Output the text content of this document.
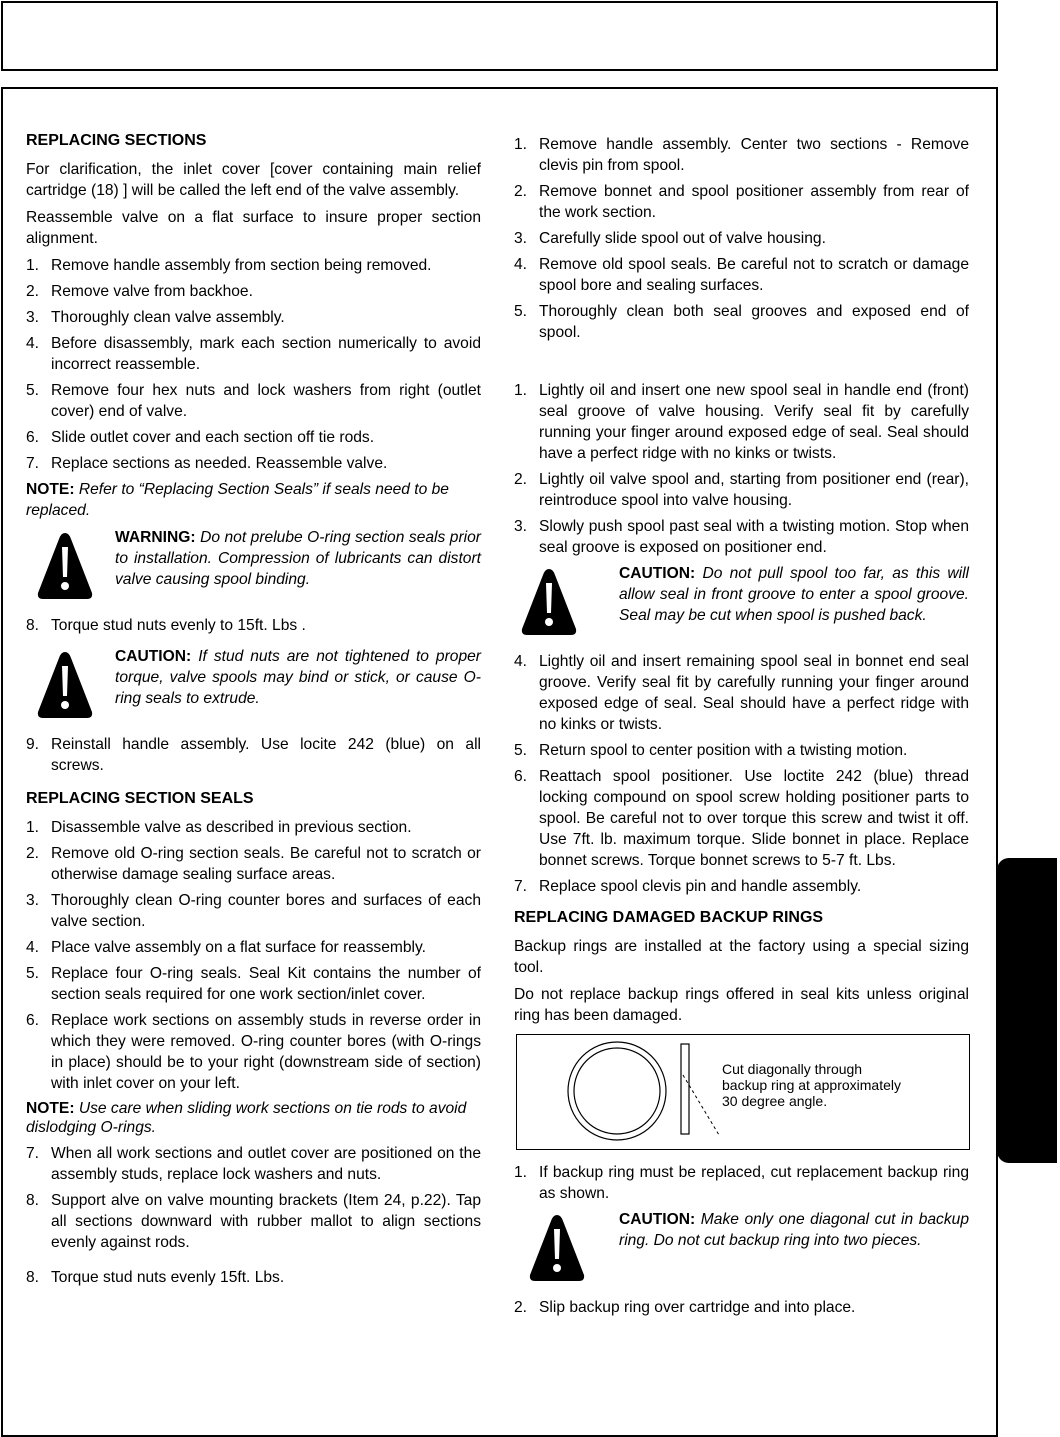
REPLACING SECTIONS

For clarification, the inlet cover [cover containing main relief cartridge (18) ] will be called the left end of the valve assembly.

Reassemble valve on a flat surface to insure proper section alignment.

1. Remove handle assembly from section being removed.
2. Remove valve from backhoe.
3. Thoroughly clean valve assembly.
4. Before disassembly, mark each section numerically to avoid incorrect reassemble.
5. Remove four hex nuts and lock washers from right (outlet cover) end of valve.
6. Slide outlet cover and each section off tie rods.
7. Replace sections as needed. Reassemble valve.
NOTE: Refer to “Replacing Section Seals” if seals need to be replaced.
WARNING: Do not prelube O-ring section seals prior to installation. Compression of lubricants can distort valve causing spool binding.
8. Torque stud nuts evenly to 15ft. Lbs .
CAUTION: If stud nuts are not tightened to proper torque, valve spools may bind or stick, or cause O-ring seals to extrude.
9. Reinstall handle assembly. Use locite 242 (blue) on all screws.
REPLACING SECTION SEALS
1. Disassemble valve as described in previous section.
2. Remove old O-ring section seals. Be careful not to scratch or otherwise damage sealing surface areas.
3. Thoroughly clean O-ring counter bores and surfaces of each valve section.
4. Place valve assembly on a flat surface for reassembly.
5. Replace four O-ring seals. Seal Kit contains the number of section seals required for one work section/inlet cover.
6. Replace work sections on assembly studs in reverse order in which they were removed. O-ring counter bores (with O-rings in place) should be to your right (downstream side of section) with inlet cover on your left.
NOTE: Use care when sliding work sections on tie rods to avoid dislodging O-rings.
7. When all work sections and outlet cover are positioned on the assembly studs, replace lock washers and nuts.
8. Support alve on valve mounting brackets (Item 24, p.22). Tap all sections downward with rubber mallot to align sections evenly against rods.
8. Torque stud nuts evenly 15ft. Lbs.
1. Remove handle assembly. Center two sections - Remove clevis pin from spool.
2. Remove bonnet and spool positioner assembly from rear of the work section.
3. Carefully slide spool out of valve housing.
4. Remove old spool seals. Be careful not to scratch or damage spool bore and sealing surfaces.
5. Thoroughly clean both seal grooves and exposed end of spool.
1. Lightly oil and insert one new spool seal in handle end (front) seal groove of valve housing. Verify seal fit by carefully running your finger around exposed edge of seal. Seal should have a perfect ridge with no kinks or twists.
2. Lightly oil valve spool and, starting from positioner end (rear), reintroduce spool into valve housing.
3. Slowly push spool past seal with a twisting motion. Stop when seal groove is exposed on positioner end.
CAUTION: Do not pull spool too far, as this will allow seal in front groove to enter a spool groove. Seal may be cut when spool is pushed back.
4. Lightly oil and insert remaining spool seal in bonnet end seal groove. Verify seal fit by carefully running your finger around exposed edge of seal. Seal should have a perfect ridge with no kinks or twists.
5. Return spool to center position with a twisting motion.
6. Reattach spool positioner. Use loctite 242 (blue) thread locking compound on spool screw holding positioner parts to spool. Be careful not to over torque this screw and twist it off. Use 7ft. lb. maximum torque. Slide bonnet in place. Replace bonnet screws. Torque bonnet screws to 5-7 ft. Lbs.
7. Replace spool clevis pin and handle assembly.
REPLACING DAMAGED BACKUP RINGS

Backup rings are installed at the factory using a special sizing tool.

Do not replace backup rings offered in seal kits unless original ring has been damaged.

Cut diagonally through
backup ring at approximately
30 degree angle.
1. If backup ring must be replaced, cut replacement backup ring as shown.
CAUTION: Make only one diagonal cut in backup ring. Do not cut backup ring into two pieces.
2. Slip backup ring over cartridge and into place.
